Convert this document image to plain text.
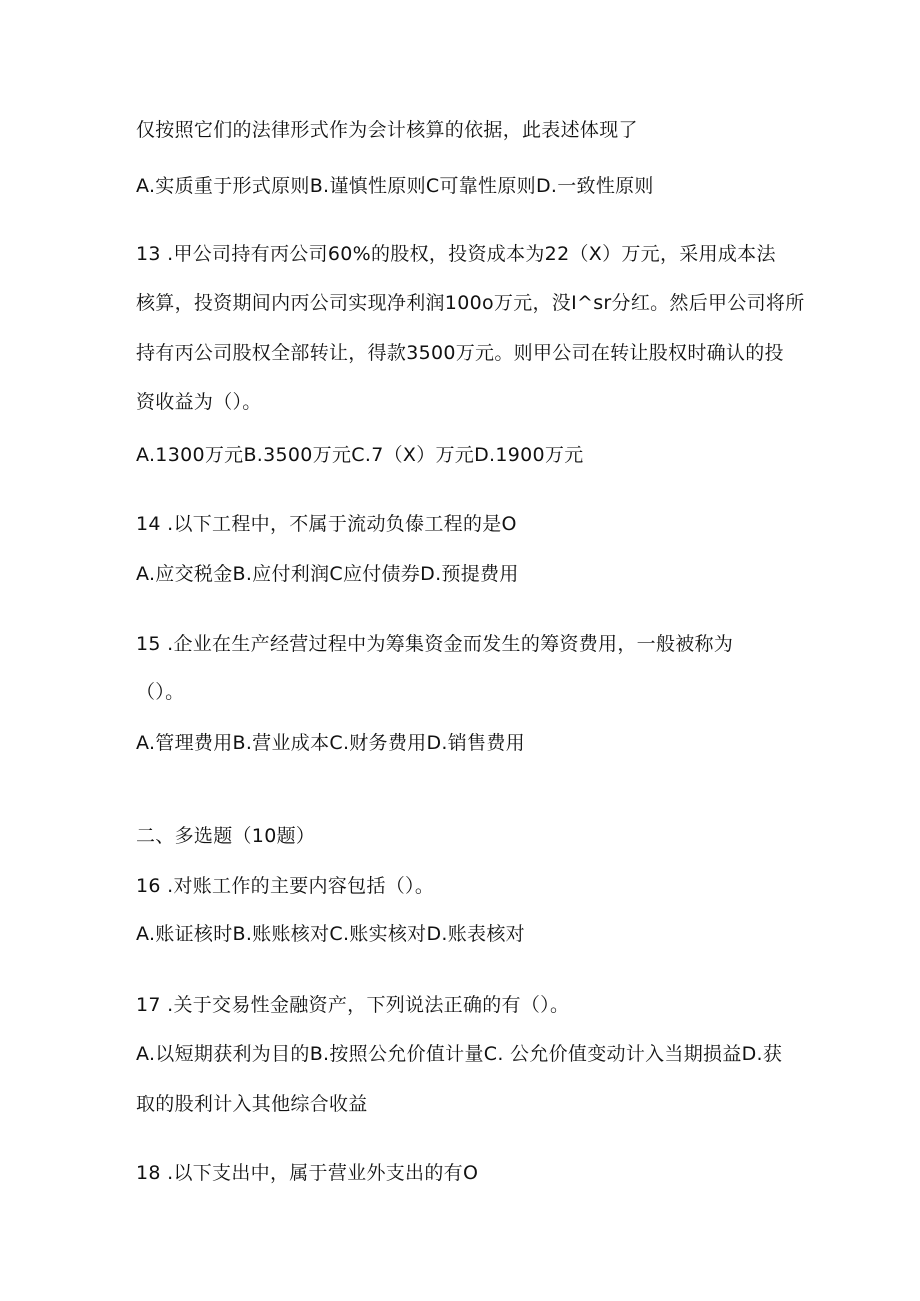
仅按照它们的法律形式作为会计核算的依据，此表述体现了
A.实质重于形式原则B.谨慎性原则C可靠性原则D.一致性原则
13 .甲公司持有丙公司60%的股权，投资成本为22（X）万元，采用成本法
核算，投资期间内丙公司实现净利润100o万元，没I^sr分红。然后甲公司将所
持有丙公司股权全部转让，得款3500万元。则甲公司在转让股权时确认的投
资收益为（）。
A.1300万元B.3500万元C.7（X）万元D.1900万元
14 .以下工程中，不属于流动负傣工程的是O
A.应交税金B.应付利润C应付债券D.预提费用
15 .企业在生产经营过程中为筹集资金而发生的筹资费用，一般被称为
（）。
A.管理费用B.营业成本C.财务费用D.销售费用
二、多选题（10题）
16 .对账工作的主要内容包括（）。
A.账证核时B.账账核对C.账实核对D.账表核对
17 .关于交易性金融资产，下列说法正确的有（）。
A.以短期获利为目的B.按照公允价值计量C. 公允价值变动计入当期损益D.获
取的股利计入其他综合收益
18 .以下支出中，属于营业外支出的有O
